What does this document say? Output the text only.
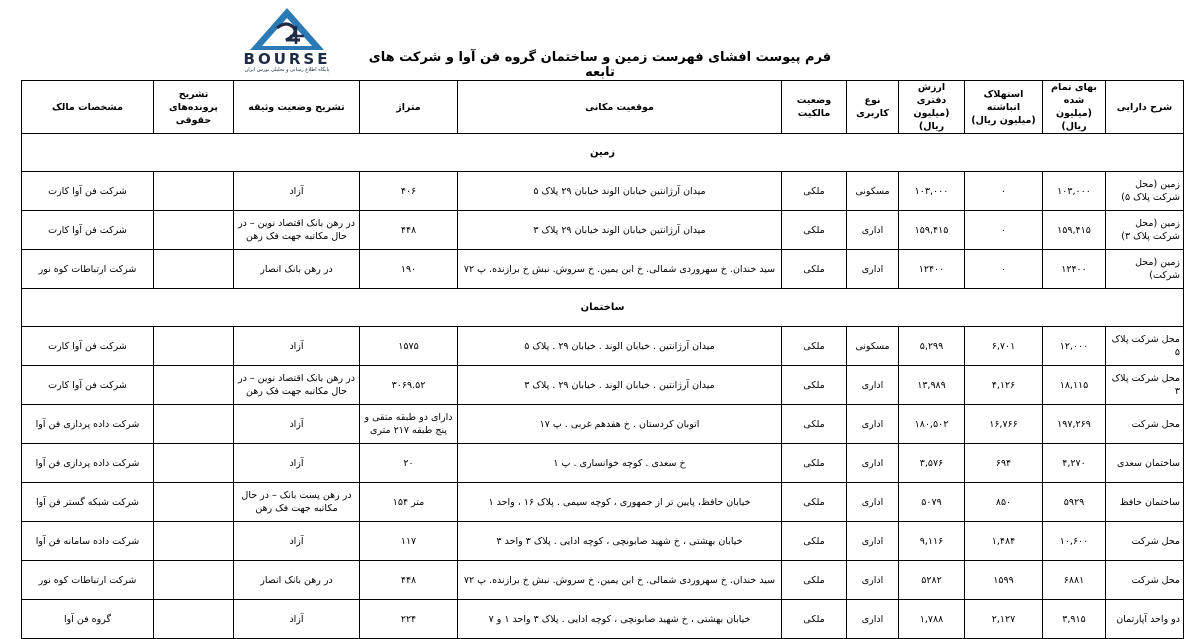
BOURSE
پایگاه اطلاع رسانی و تحلیلی بورس ایران
فرم پیوست افشای فهرست زمین و ساختمان گروه فن آوا و شرکت های تابعه
شرح دارایی	بهای تمام شده (میلیون ریال)	استهلاک انباشته (میلیون ریال)	ارزش دفتری (میلیون ریال)	نوع کاربری	وضعیت مالکیت	موقعیت مکانی	متراژ	تشریح وضعیت وثیقه	تشریح پرونده‌های حقوقی	مشخصات مالک
زمین										
زمین (محل شرکت پلاک ۵)	۱۰۳,۰۰۰	۰	۱۰۳,۰۰۰	مسکونی	ملکی	میدان آرژانتین خیابان الوند خیابان ۲۹ پلاک ۵	۴۰۶	آزاد		شرکت فن آوا کارت
زمین (محل شرکت پلاک ۳)	۱۵۹,۴۱۵	۰	۱۵۹,۴۱۵	اداری	ملکی	میدان آرژانتین خیابان الوند خیابان ۲۹ پلاک ۳	۴۴۸	در رهن بانک اقتصاد نوین – در حال مکاتبه جهت فک رهن		شرکت فن آوا کارت
زمین (محل شرکت)	۱۲۴۰۰	۰	۱۲۴۰۰	اداری	ملکی	سید خندان. خ سهروردی شمالی. خ ابن یمین. خ سروش. نبش خ برازنده. پ ۷۲	۱۹۰	در رهن بانک انصار		شرکت ارتباطات کوه نور
ساختمان										
محل شرکت پلاک ۵	۱۲,۰۰۰	۶,۷۰۱	۵,۲۹۹	مسکونی	ملکی	میدان آرژانتین . خیابان الوند . خیابان ۲۹ . پلاک ۵	۱۵۷۵	آزاد		شرکت فن آوا کارت
محل شرکت پلاک ۳	۱۸,۱۱۵	۴,۱۲۶	۱۳,۹۸۹	اداری	ملکی	میدان آرژانتین . خیابان الوند . خیابان ۲۹ . پلاک ۳	۳۰۶۹.۵۲	در رهن بانک اقتصاد نوین – در حال مکاتبه جهت فک رهن		شرکت فن آوا کارت
محل شرکت	۱۹۷,۲۶۹	۱۶,۷۶۶	۱۸۰,۵۰۲	اداری	ملکی	اتوبان کردستان . خ هفدهم غربی . پ ۱۷	دارای دو طبقه متقی و پنج طبقه ۲۱۷ متری	آزاد		شرکت داده پردازی فن آوا
ساختمان سعدی	۴,۲۷۰	۶۹۴	۳,۵۷۶	اداری	ملکی	خ سعدی . کوچه خوانساری . پ ۱	۲۰	آزاد		شرکت داده پردازی فن آوا
ساختمان حافظ	۵۹۲۹	۸۵۰	۵۰۷۹	اداری	ملکی	خیابان حافظ، پایین تر از جمهوری ، کوچه سیمی . پلاک ۱۶ ، واحد ۱	متر ۱۵۴	در رهن پست بانک – در حال مکاتبه جهت فک رهن		شرکت شبکه گستر فن آوا
محل شرکت	۱۰,۶۰۰	۱,۴۸۴	۹,۱۱۶	اداری	ملکی	خیابان بهشتی ، خ شهید صابونچی ، کوچه ادایی . پلاک ۳ واحد ۳	۱۱۷	آزاد		شرکت داده سامانه فن آوا
محل شرکت	۶۸۸۱	۱۵۹۹	۵۲۸۲	اداری	ملکی	سید خندان. خ سهروردی شمالی. خ ابن یمین. خ سروش. نبش خ برازنده. پ ۷۲	۴۴۸	در رهن بانک انصار		شرکت ارتباطات کوه نور
دو واحد آپارتمان	۳,۹۱۵	۲,۱۲۷	۱,۷۸۸	اداری	ملکی	خیابان بهشتی ، خ شهید صابونچی ، کوچه ادایی . پلاک ۳ واحد ۱ و ۷	۲۲۴	آزاد		گروه فن آوا
